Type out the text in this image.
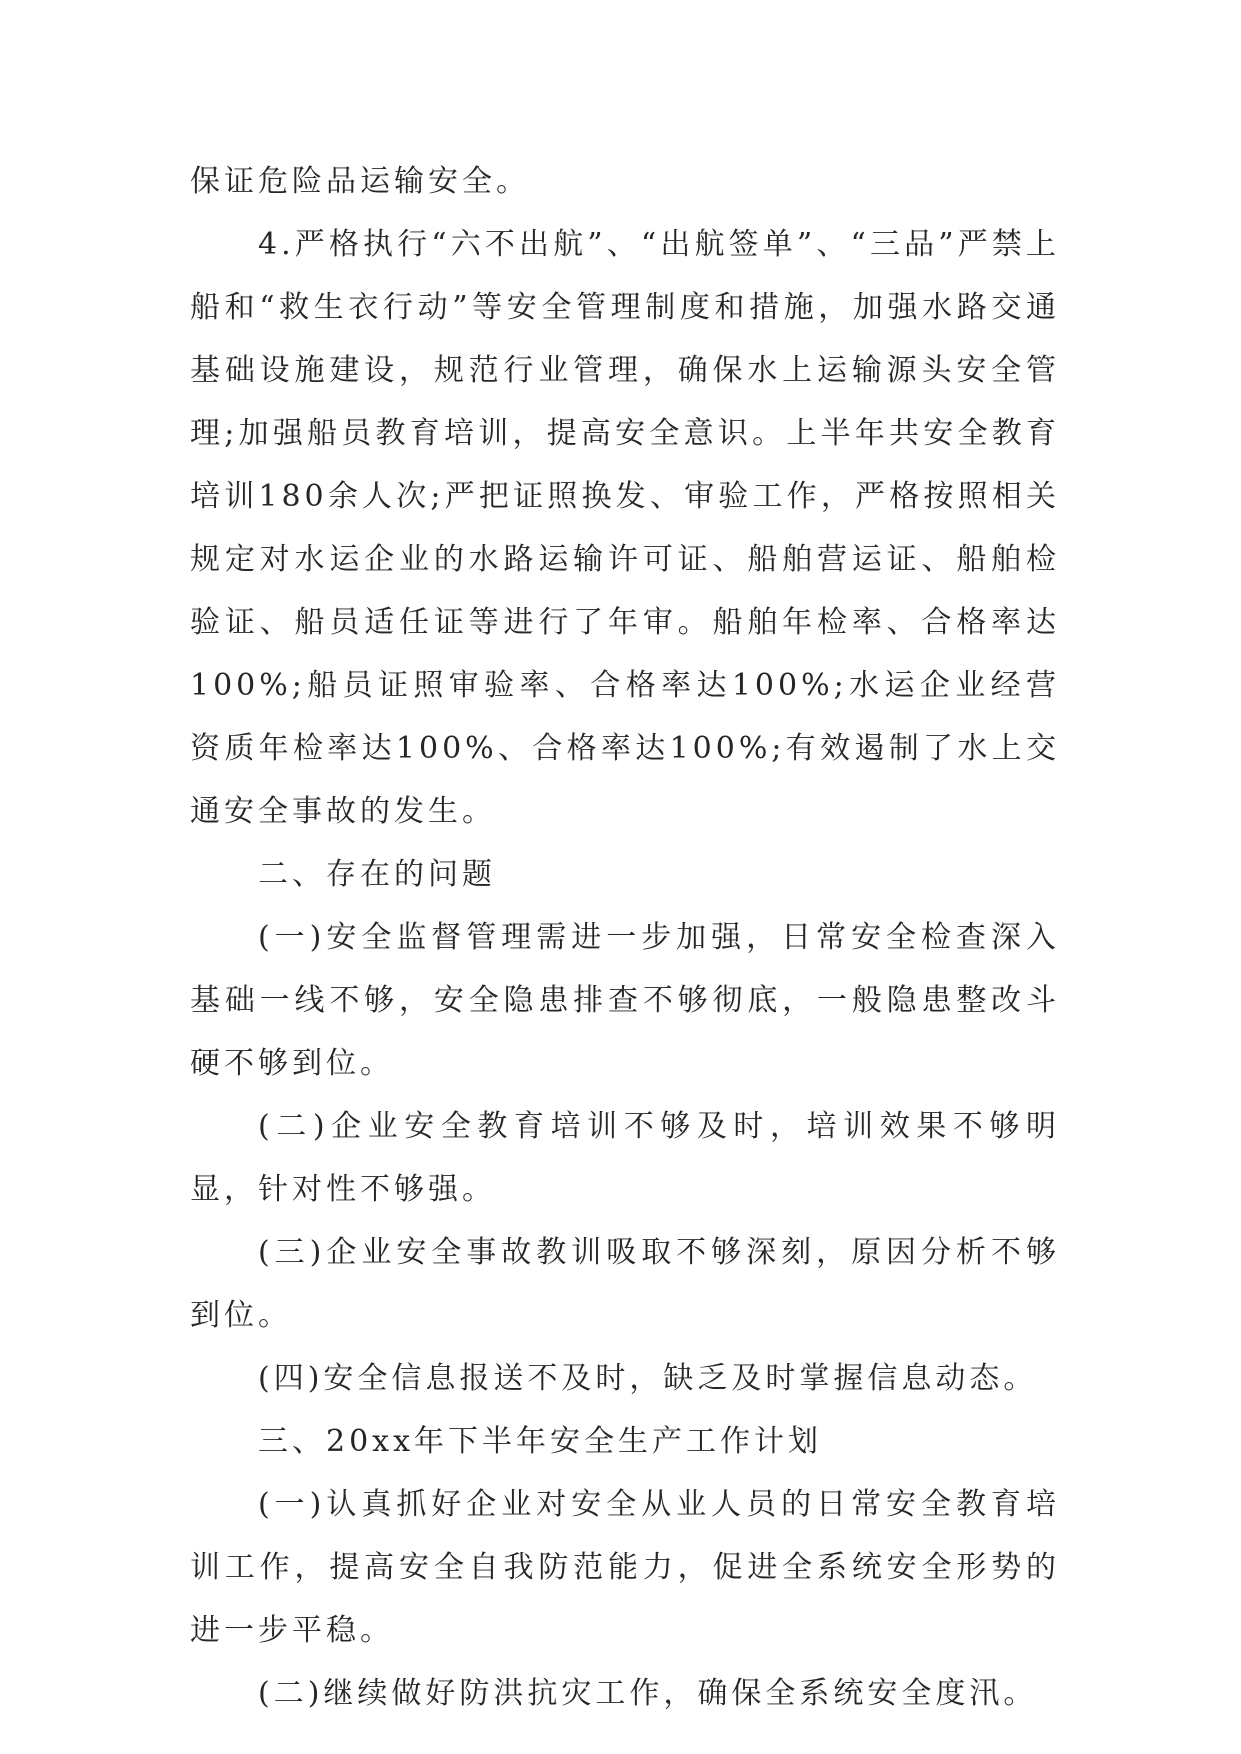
保证危险品运输安全。

4.严格执行“六不出航”、“出航签单”、“三品”严禁上船和“救生衣行动”等安全管理制度和措施，加强水路交通基础设施建设，规范行业管理，确保水上运输源头安全管理;加强船员教育培训，提高安全意识。上半年共安全教育培训180余人次;严把证照换发、审验工作，严格按照相关规定对水运企业的水路运输许可证、船舶营运证、船舶检验证、船员适任证等进行了年审。船舶年检率、合格率达100%;船员证照审验率、合格率达100%;水运企业经营资质年检率达100%、合格率达100%;有效遏制了水上交通安全事故的发生。

二、存在的问题

(一)安全监督管理需进一步加强，日常安全检查深入基础一线不够，安全隐患排查不够彻底，一般隐患整改斗硬不够到位。

(二)企业安全教育培训不够及时，培训效果不够明显，针对性不够强。

(三)企业安全事故教训吸取不够深刻，原因分析不够到位。

(四)安全信息报送不及时，缺乏及时掌握信息动态。

三、20xx年下半年安全生产工作计划

(一)认真抓好企业对安全从业人员的日常安全教育培训工作，提高安全自我防范能力，促进全系统安全形势的进一步平稳。

(二)继续做好防洪抗灾工作，确保全系统安全度汛。
